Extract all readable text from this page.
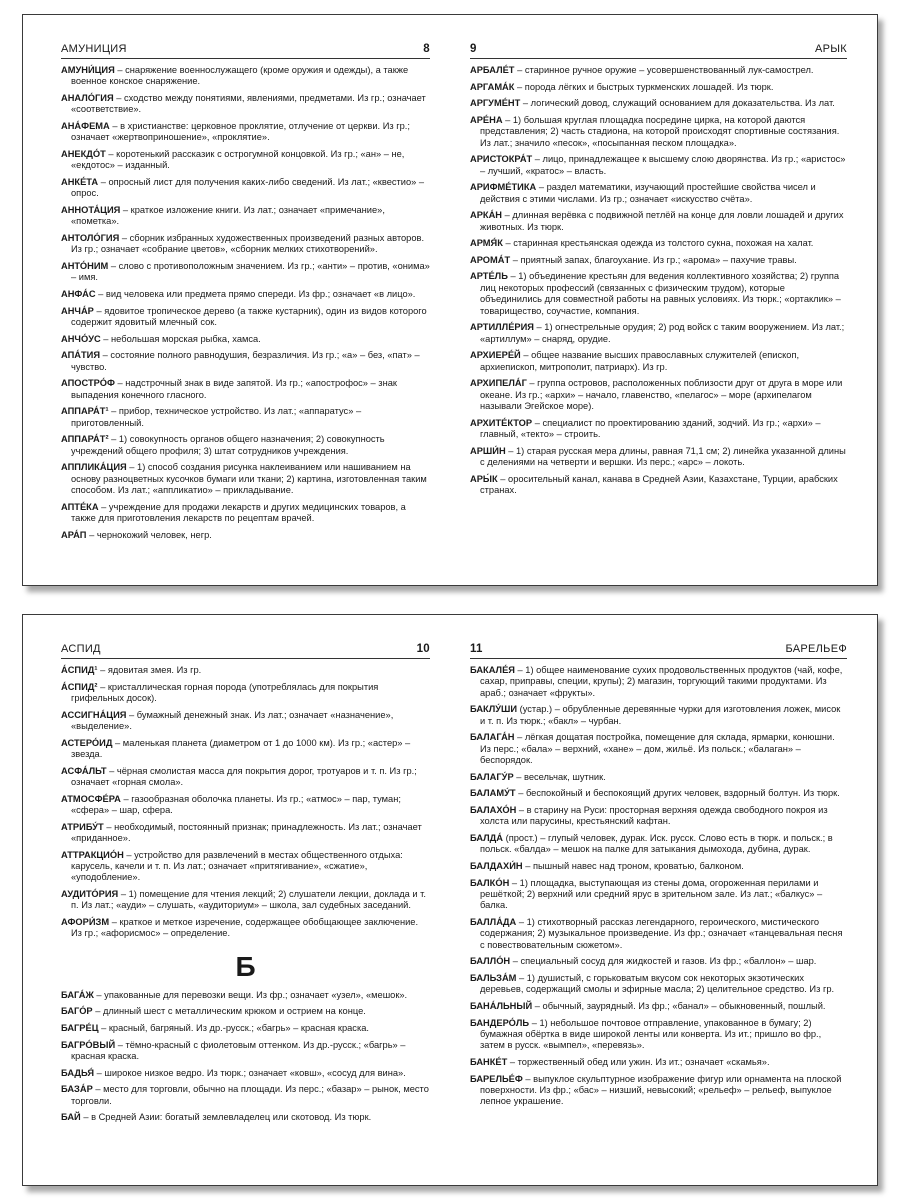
АМУНИЦИЯ	8

АМУНИ́ЦИЯ – снаряжение военнослужащего (кроме оружия и одежды), а также военное конское снаряжение.

АНАЛО́ГИЯ – сходство между понятиями, явлениями, предметами. Из гр.; означает «соответствие».

АНА́ФЕМА – в христианстве: церковное проклятие, отлучение от церкви. Из гр.; означает «жертвоприношение», «проклятие».

АНЕКДО́Т – коротенький рассказик с острогумной концовкой. Из гр.; «ан» – не, «екдотос» – изданный.

АНКЕ́ТА – опросный лист для получения каких-либо сведений. Из лат.; «квестио» – опрос.

АННОТА́ЦИЯ – краткое изложение книги. Из лат.; означает «примечание», «пометка».

АНТОЛО́ГИЯ – сборник избранных художественных произведений разных авторов. Из гр.; означает «собрание цветов», «сборник мелких стихотворений».

АНТО́НИМ – слово с противоположным значением. Из гр.; «анти» – против, «онима» – имя.

АНФА́С – вид человека или предмета прямо спереди. Из фр.; означает «в лицо».

АНЧА́Р – ядовитое тропическое дерево (а также кустарник), один из видов которого содержит ядовитый млечный сок.

АНЧО́УС – небольшая морская рыбка, хамса.

АПА́ТИЯ – состояние полного равнодушия, безразличия. Из гр.; «а» – без, «пат» – чувство.

АПОСТРО́Ф – надстрочный знак в виде запятой. Из гр.; «апострофос» – знак выпадения конечного гласного.

АППАРА́Т¹ – прибор, техническое устройство. Из лат.; «аппаратус» – приготовленный.

АППАРА́Т² – 1) совокупность органов общего назначения; 2) совокупность учреждений общего профиля; 3) штат сотрудников учреждения.

АППЛИКА́ЦИЯ – 1) способ создания рисунка наклеиванием или нашиванием на основу разноцветных кусочков бумаги или ткани; 2) картина, изготовленная таким способом. Из лат.; «аппликатио» – прикладывание.

АПТЕ́КА – учреждение для продажи лекарств и других медицинских товаров, а также для приготовления лекарств по рецептам врачей.

АРА́П – чернокожий человек, негр.

9	АРЫК

АРБАЛЕ́Т – старинное ручное оружие – усовершенствованный лук-самострел.

АРГАМА́К – порода лёгких и быстрых туркменских лошадей. Из тюрк.

АРГУМЕ́НТ – логический довод, служащий основанием для доказательства. Из лат.

АРЕ́НА – 1) большая круглая площадка посредине цирка, на которой даются представления; 2) часть стадиона, на которой происходят спортивные состязания. Из лат.; значило «песок», «посыпанная песком площадка».

АРИСТОКРА́Т – лицо, принадлежащее к высшему слою дворянства. Из гр.; «аристос» – лучший, «кратос» – власть.

АРИФМЕ́ТИКА – раздел математики, изучающий простейшие свойства чисел и действия с этими числами. Из гр.; означает «искусство счёта».

АРКА́Н – длинная верёвка с подвижной петлёй на конце для ловли лошадей и других животных. Из тюрк.

АРМЯ́К – старинная крестьянская одежда из толстого сукна, похожая на халат.

АРОМА́Т – приятный запах, благоухание. Из гр.; «арома» – пахучие травы.

АРТЕ́ЛЬ – 1) объединение крестьян для ведения коллективного хозяйства; 2) группа лиц некоторых профессий (связанных с физическим трудом), которые объединились для совместной работы на равных условиях. Из тюрк.; «ортаклик» – товарищество, соучастие, компания.

АРТИЛЛЕ́РИЯ – 1) огнестрельные орудия; 2) род войск с таким вооружением. Из лат.; «артиллум» – снаряд, орудие.

АРХИЕРЕ́Й – общее название высших православных служителей (епископ, архиепископ, митрополит, патриарх). Из гр.

АРХИПЕЛА́Г – группа островов, расположенных поблизости друг от друга в море или океане. Из гр.; «архи» – начало, главенство, «пелагос» – море (архипелагом называли Эгейское море).

АРХИТЕ́КТОР – специалист по проектированию зданий, зодчий. Из гр.; «архи» – главный, «текто» – строить.

АРШИ́Н – 1) старая русская мера длины, равная 71,1 см; 2) линейка указанной длины с делениями на четверти и вершки. Из перс.; «арс» – локоть.

АРЫ́К – оросительный канал, канава в Средней Азии, Казахстане, Турции, арабских странах.

АСПИД	10

А́СПИД¹ – ядовитая змея. Из гр.

А́СПИД² – кристаллическая горная порода (употреблялась для покрытия грифельных досок).

АССИГНА́ЦИЯ – бумажный денежный знак. Из лат.; означает «назначение», «выделение».

АСТЕРО́ИД – маленькая планета (диаметром от 1 до 1000 км). Из гр.; «астер» – звезда.

АСФА́ЛЬТ – чёрная смолистая масса для покрытия дорог, тротуаров и т. п. Из гр.; означает «горная смола».

АТМОСФЕ́РА – газообразная оболочка планеты. Из гр.; «атмос» – пар, туман; «сфера» – шар, сфера.

АТРИБУ́Т – необходимый, постоянный признак; принадлежность. Из лат.; означает «приданное».

АТТРАКЦИО́Н – устройство для развлечений в местах общественного отдыха: карусель, качели и т. п. Из лат.; означает «притягивание», «сжатие», «уподобление».

АУДИТО́РИЯ – 1) помещение для чтения лекций; 2) слушатели лекции, доклада и т. п. Из лат.; «ауди» – слушать, «аудиториум» – школа, зал судебных заседаний.

АФОРИ́ЗМ – краткое и меткое изречение, содержащее обобщающее заключение. Из гр.; «афорисмос» – определение.

Б

БАГА́Ж – упакованные для перевозки вещи. Из фр.; означает «узел», «мешок».

БАГО́Р – длинный шест с металлическим крюком и острием на конце.

БАГРЕ́Ц – красный, багряный. Из др.-русск.; «багрь» – красная краска.

БАГРО́ВЫЙ – тёмно-красный с фиолетовым оттенком. Из др.-русск.; «багрь» – красная краска.

БАДЬЯ́ – широкое низкое ведро. Из тюрк.; означает «ковш», «сосуд для вина».

БАЗА́Р – место для торговли, обычно на площади. Из перс.; «базар» – рынок, место торговли.

БАЙ – в Средней Азии: богатый землевладелец или скотовод. Из тюрк.

11	БАРЕЛЬЕФ

БАКАЛЕ́Я – 1) общее наименование сухих продовольственных продуктов (чай, кофе, сахар, приправы, специи, крупы); 2) магазин, торгующий такими продуктами. Из араб.; означает «фрукты».

БАКЛУ́ШИ (устар.) – обрубленные деревянные чурки для изготовления ложек, мисок и т. п. Из тюрк.; «бакл» – чурбан.

БАЛАГА́Н – лёгкая дощатая постройка, помещение для склада, ярмарки, конюшни. Из перс.; «бала» – верхний, «хане» – дом, жильё. Из польск.; «балаган» – беспорядок.

БАЛАГУ́Р – весельчак, шутник.

БАЛАМУ́Т – беспокойный и беспокоящий других человек, вздорный болтун. Из тюрк.

БАЛАХО́Н – в старину на Руси: просторная верхняя одежда свободного покроя из холста или парусины, крестьянский кафтан.

БАЛДА́ (прост.) – глупый человек, дурак. Иск. русск. Слово есть в тюрк. и польск.; в польск. «балда» – мешок на палке для затыкания дымохода, дубина, дурак.

БАЛДАХИ́Н – пышный навес над троном, кроватью, балконом.

БАЛКО́Н – 1) площадка, выступающая из стены дома, огороженная перилами и решёткой; 2) верхний или средний ярус в зрительном зале. Из лат.; «балкус» – балка.

БАЛЛА́ДА – 1) стихотворный рассказ легендарного, героического, мистического содержания; 2) музыкальное произведение. Из фр.; означает «танцевальная песня с повествовательным сюжетом».

БАЛЛО́Н – специальный сосуд для жидкостей и газов. Из фр.; «баллон» – шар.

БАЛЬЗА́М – 1) душистый, с горьковатым вкусом сок некоторых экзотических деревьев, содержащий смолы и эфирные масла; 2) целительное средство. Из гр.

БАНА́ЛЬНЫЙ – обычный, заурядный. Из фр.; «банал» – обыкновенный, пошлый.

БАНДЕРО́ЛЬ – 1) небольшое почтовое отправление, упакованное в бумагу; 2) бумажная обёртка в виде широкой ленты или конверта. Из ит.; пришло во фр., затем в русск. «вымпел», «перевязь».

БАНКЕ́Т – торжественный обед или ужин. Из ит.; означает «скамья».

БАРЕЛЬЕ́Ф – выпуклое скульптурное изображение фигур или орнамента на плоской поверхности. Из фр.; «бас» – низший, невысокий; «рельеф» – рельеф, выпуклое лепное украшение.
